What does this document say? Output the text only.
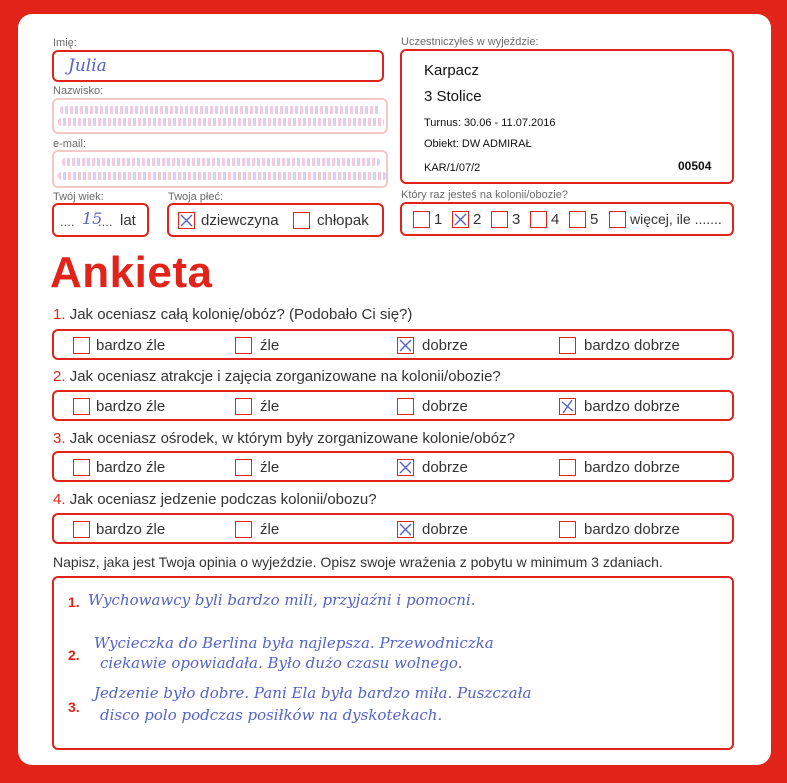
Imię:
Julia
Nazwisko:
e-mail:
Twój wiek:
.... 15
.... lat
Twoja płeć:
dziewczyna	chłopak
Uczestniczyłeś w wyjeździe:
Karpacz
3 Stolice
Turnus: 30.06 - 11.07.2016
Obiekt: DW ADMIRAŁ
KAR/1/07/2	00504
Który raz jesteś na kolonii/obozie?
1 2 3 4 5 więcej, ile .......
Ankieta
1. Jak oceniasz całą kolonię/obóz? (Podobało Ci się?)
bardzo źle	źle	dobrze	bardzo dobrze
2. Jak oceniasz atrakcje i zajęcia zorganizowane na kolonii/obozie?
bardzo źle	źle	dobrze	bardzo dobrze
3. Jak oceniasz ośrodek, w którym były zorganizowane kolonie/obóz?
bardzo źle	źle	dobrze	bardzo dobrze
4. Jak oceniasz jedzenie podczas kolonii/obozu?
bardzo źle	źle	dobrze	bardzo dobrze
Napisz, jaka jest Twoja opinia o wyjeździe. Opisz swoje wrażenia z pobytu w minimum 3 zdaniach.
1. Wychowawcy byli bardzo mili, przyjaźni i pomocni.
2.
Wycieczka do Berlina była najlepsza. Przewodniczka
ciekawie opowiadała. Było dużo czasu wolnego.
3.
Jedzenie było dobre. Pani Ela była bardzo miła. Puszczała
disco polo podczas posiłków na dyskotekach.
